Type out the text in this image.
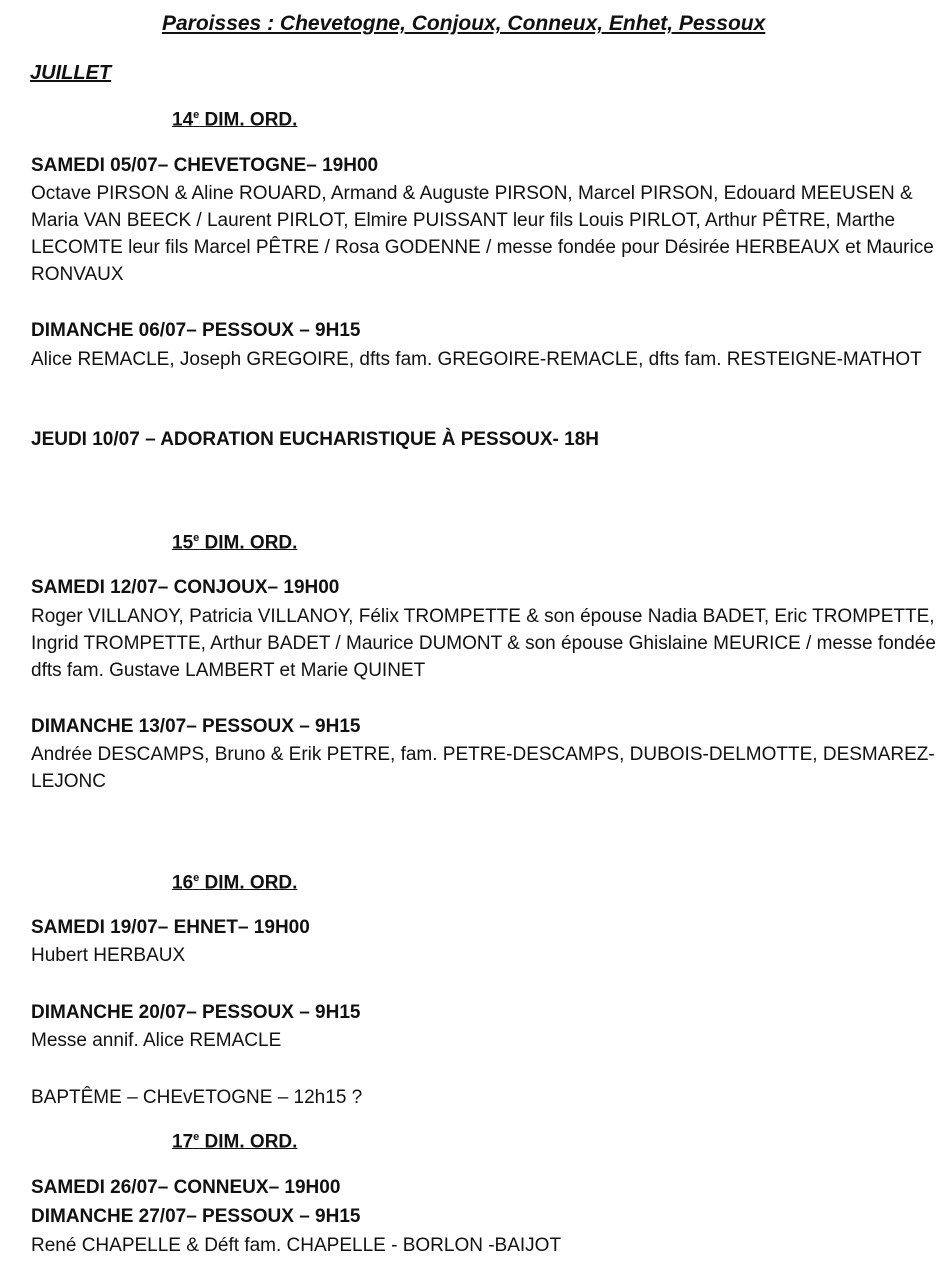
Paroisses : Chevetogne, Conjoux, Conneux, Enhet, Pessoux
JUILLET
14e DIM. ORD.
SAMEDI 05/07– CHEVETOGNE– 19H00
Octave PIRSON & Aline ROUARD, Armand & Auguste PIRSON, Marcel PIRSON, Edouard MEEUSEN &
Maria VAN BEECK / Laurent PIRLOT, Elmire PUISSANT leur fils Louis PIRLOT, Arthur PÊTRE, Marthe
LECOMTE leur fils Marcel PÊTRE / Rosa GODENNE / messe fondée pour Désirée HERBEAUX et Maurice
RONVAUX
DIMANCHE 06/07– PESSOUX – 9H15
Alice REMACLE, Joseph GREGOIRE, dfts fam. GREGOIRE-REMACLE, dfts fam. RESTEIGNE-MATHOT
JEUDI 10/07 – ADORATION EUCHARISTIQUE À PESSOUX- 18H
15e DIM. ORD.
SAMEDI 12/07– CONJOUX– 19H00
Roger VILLANOY, Patricia VILLANOY, Félix TROMPETTE & son épouse Nadia BADET, Eric TROMPETTE,
Ingrid TROMPETTE, Arthur BADET / Maurice DUMONT & son épouse Ghislaine MEURICE / messe fondée
dfts fam. Gustave LAMBERT et Marie QUINET
DIMANCHE 13/07– PESSOUX – 9H15
Andrée DESCAMPS, Bruno & Erik PETRE, fam. PETRE-DESCAMPS, DUBOIS-DELMOTTE, DESMAREZ-
LEJONC
16e DIM. ORD.
SAMEDI 19/07– EHNET– 19H00
Hubert HERBAUX
DIMANCHE 20/07– PESSOUX – 9H15
Messe annif. Alice REMACLE
BAPTÊME – CHEvETOGNE – 12h15 ?
17e DIM. ORD.
SAMEDI 26/07– CONNEUX– 19H00
DIMANCHE 27/07– PESSOUX – 9H15
René CHAPELLE & Déft fam. CHAPELLE - BORLON -BAIJOT
